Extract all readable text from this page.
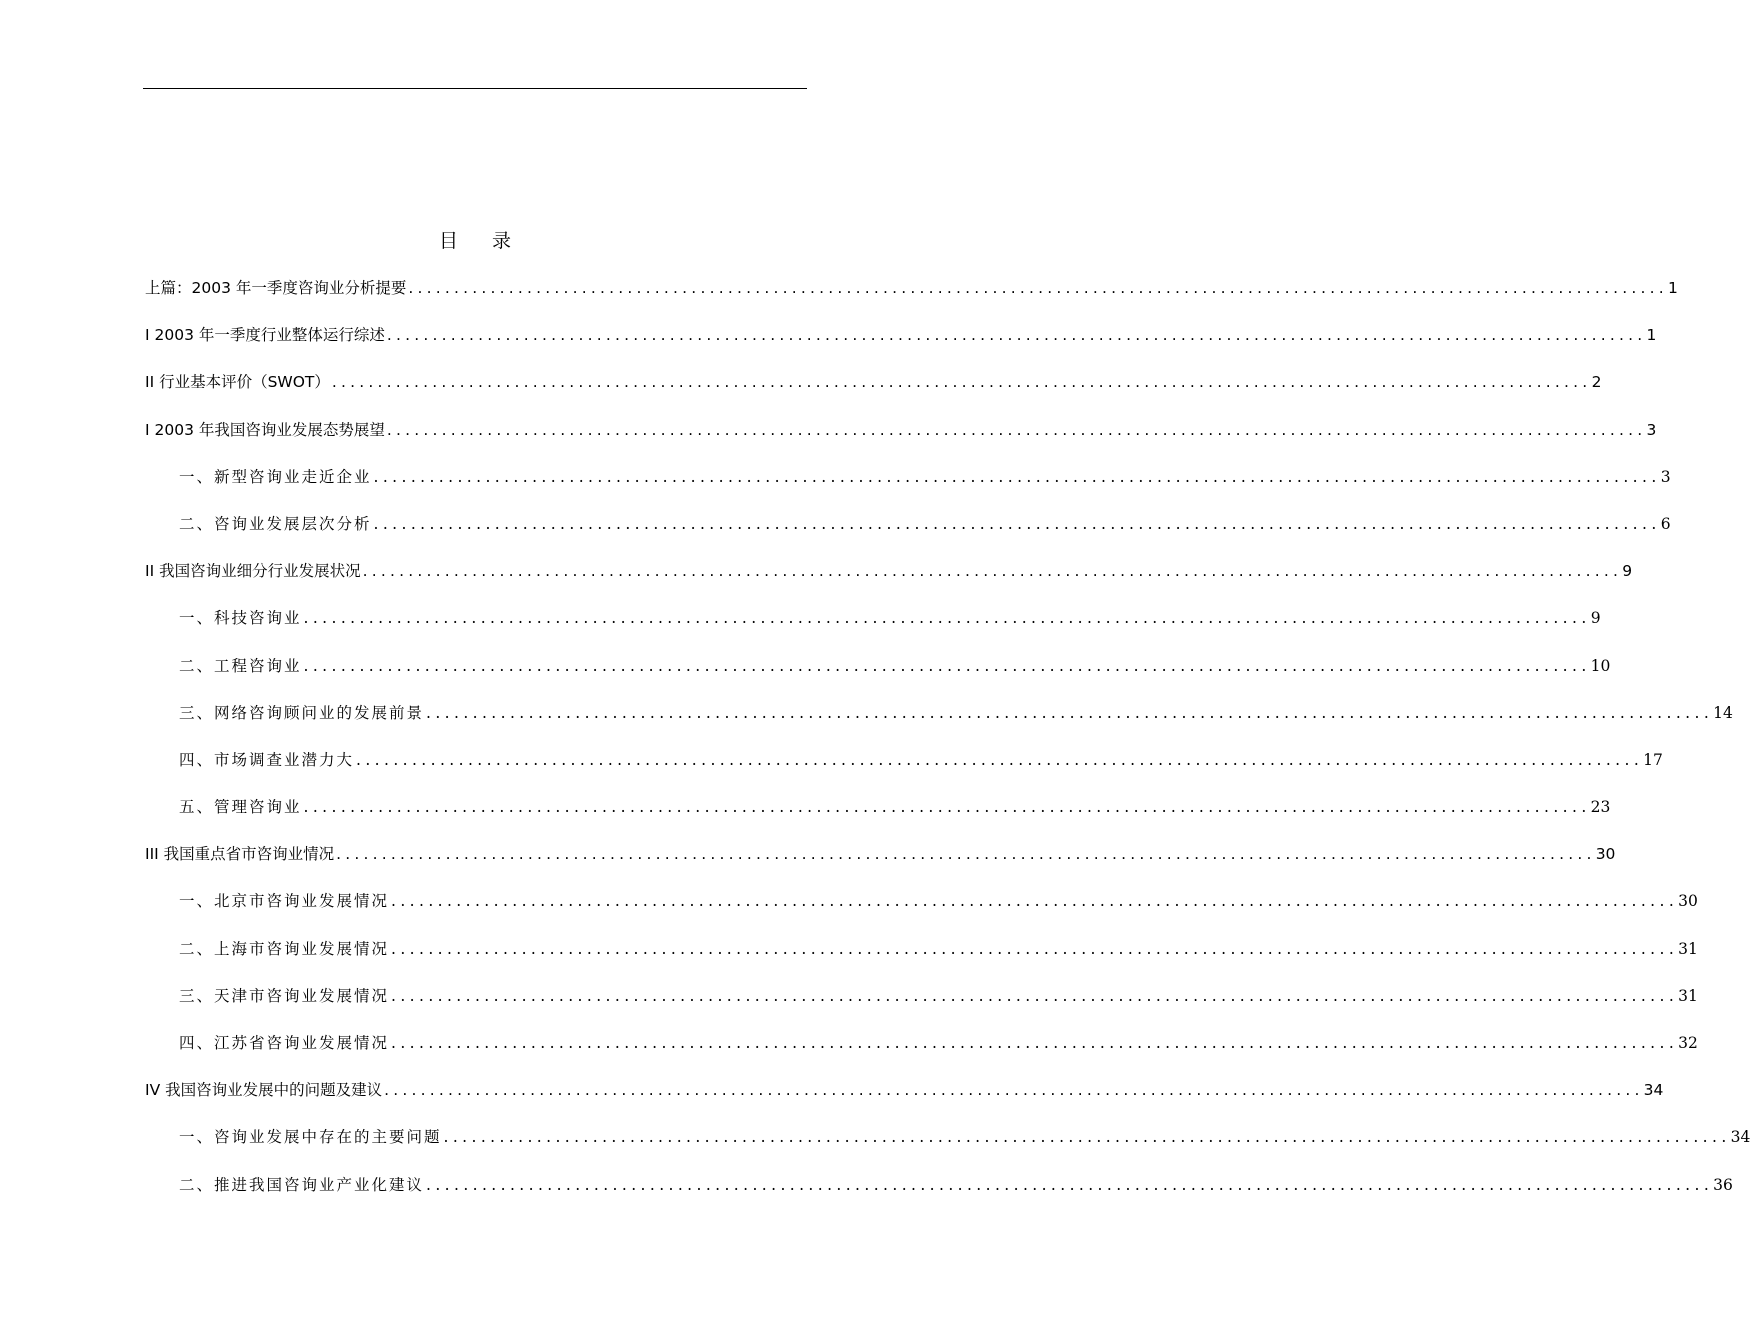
目 录
上篇：2003 年一季度咨询业分析提要 .......................................................................................................................................... 1
I 2003 年一季度行业整体运行综述 .......................................................................................................................................... 1
II 行业基本评价（SWOT） .......................................................................................................................................... 2
I 2003 年我国咨询业发展态势展望 .......................................................................................................................................... 3
一、新型咨询业走近企业 .......................................................................................................................................... 3
二、咨询业发展层次分析 .......................................................................................................................................... 6
II 我国咨询业细分行业发展状况 .......................................................................................................................................... 9
一、科技咨询业 .......................................................................................................................................... 9
二、工程咨询业 .......................................................................................................................................... 10
三、网络咨询顾问业的发展前景 .......................................................................................................................................... 14
四、市场调查业潜力大 .......................................................................................................................................... 17
五、管理咨询业 .......................................................................................................................................... 23
III 我国重点省市咨询业情况 .......................................................................................................................................... 30
一、北京市咨询业发展情况 .......................................................................................................................................... 30
二、上海市咨询业发展情况 .......................................................................................................................................... 31
三、天津市咨询业发展情况 .......................................................................................................................................... 31
四、江苏省咨询业发展情况 .......................................................................................................................................... 32
IV 我国咨询业发展中的问题及建议 .......................................................................................................................................... 34
一、咨询业发展中存在的主要问题 .......................................................................................................................................... 34
二、推进我国咨询业产业化建议 .......................................................................................................................................... 36
